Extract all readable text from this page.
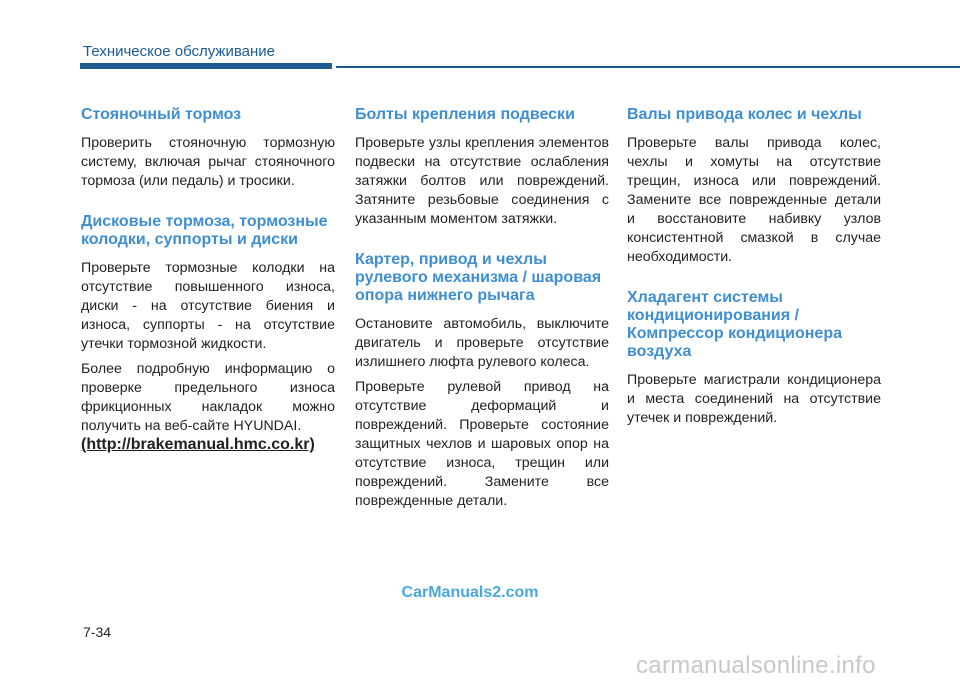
Техническое обслуживание
Стояночный тормоз

Проверить стояночную тормозную систему, включая рычаг стояночного тормоза (или педаль) и тросики.

Дисковые тормоза, тормозные колодки, суппорты и диски

Проверьте тормозные колодки на отсутствие повышенного износа, диски - на отсутствие биения и износа, суппорты - на отсутствие утечки тормозной жидкости.

Более подробную информацию о проверке предельного износа фрикционных накладок можно получить на веб-сайте HYUNDAI.

(http://brakemanual.hmc.co.kr)
Болты крепления подвески

Проверьте узлы крепления элементов подвески на отсутствие ослабления затяжки болтов или повреждений. Затяните резьбовые соединения с указанным моментом затяжки.

Картер, привод и чехлы рулевого механизма / шаровая опора нижнего рычага

Остановите автомобиль, выключите двигатель и проверьте отсутствие излишнего люфта рулевого колеса.

Проверьте рулевой привод на отсутствие деформаций и повреждений. Проверьте состояние защитных чехлов и шаровых опор на отсутствие износа, трещин или повреждений. Замените все поврежденные детали.

Валы привода колес и чехлы

Проверьте валы привода колес, чехлы и хомуты на отсутствие трещин, износа или повреждений. Замените все поврежденные детали и восстановите набивку узлов консистентной смазкой в случае необходимости.

Хладагент системы кондиционирования / Компрессор кондиционера воздуха

Проверьте магистрали кондиционера и места соединений на отсутствие утечек и повреждений.

CarManuals2.com
7-34
carmanualsonline.info
